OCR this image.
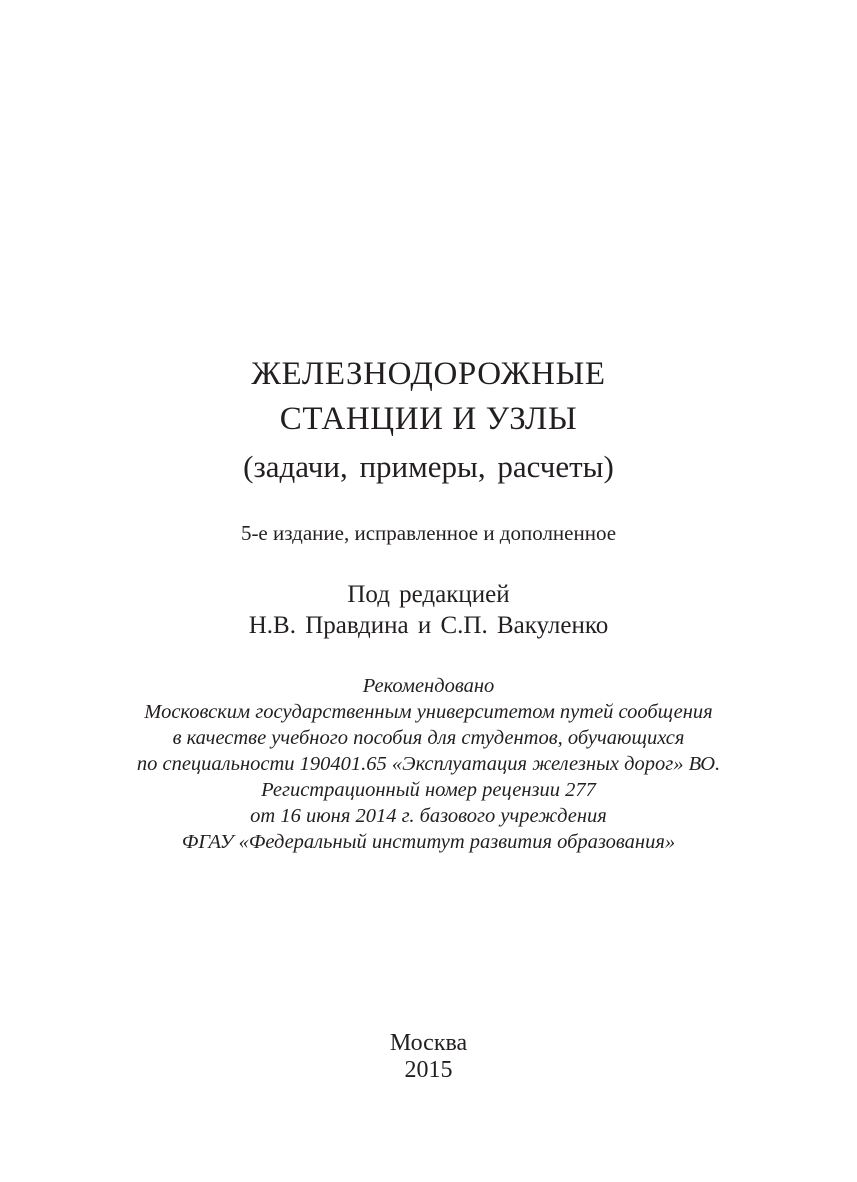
ЖЕЛЕЗНОДОРОЖНЫЕ
СТАНЦИИ И УЗЛЫ
(задачи, примеры, расчеты)
5-е издание, исправленное и дополненное
Под редакцией
Н.В. Правдина и С.П. Вакуленко
Рекомендовано
Московским государственным университетом путей сообщения
в качестве учебного пособия для студентов, обучающихся
по специальности 190401.65 «Эксплуатация железных дорог» ВО.
Регистрационный номер рецензии 277
от 16 июня 2014 г. базового учреждения
ФГАУ «Федеральный институт развития образования»
Москва
2015
